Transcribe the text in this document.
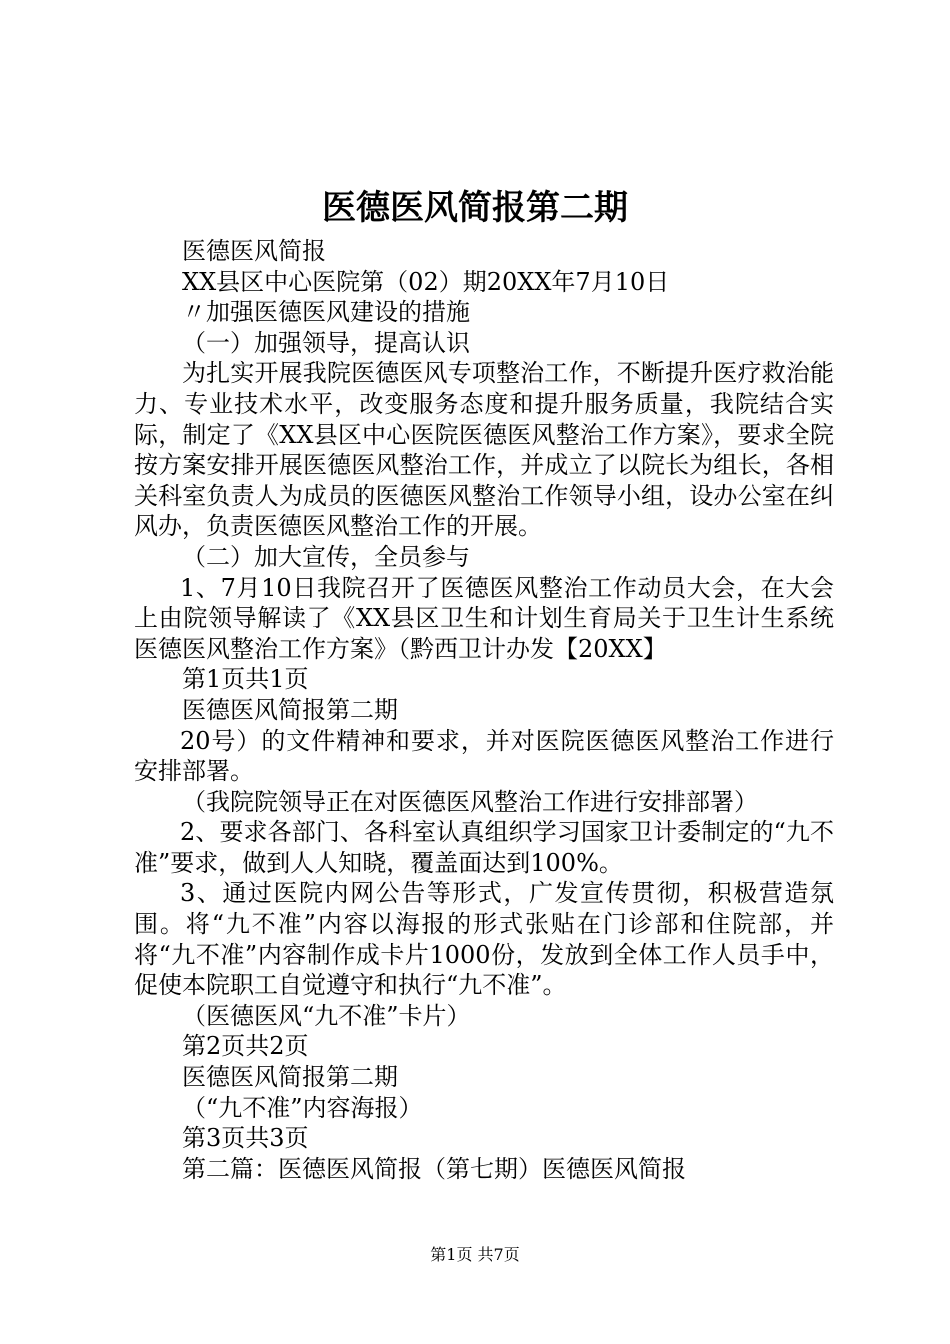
医德医风简报第二期

医德医风简报

XX县区中心医院第（02）期20XX年7月10日

〃加强医德医风建设的措施

（一）加强领导，提高认识

为扎实开展我院医德医风专项整治工作，不断提升医疗救治能力、专业技术水平，改变服务态度和提升服务质量，我院结合实际，制定了《XX县区中心医院医德医风整治工作方案》，要求全院按方案安排开展医德医风整治工作，并成立了以院长为组长，各相关科室负责人为成员的医德医风整治工作领导小组，设办公室在纠风办，负责医德医风整治工作的开展。

（二）加大宣传，全员参与

1、7月10日我院召开了医德医风整治工作动员大会，在大会上由院领导解读了《XX县区卫生和计划生育局关于卫生计生系统医德医风整治工作方案》（黔西卫计办发【20XX】

第1页共1页

医德医风简报第二期

20号）的文件精神和要求，并对医院医德医风整治工作进行安排部署。

（我院院领导正在对医德医风整治工作进行安排部署）

2、要求各部门、各科室认真组织学习国家卫计委制定的“九不准”要求，做到人人知晓，覆盖面达到100%。

3、通过医院内网公告等形式，广发宣传贯彻，积极营造氛围。将“九不准”内容以海报的形式张贴在门诊部和住院部，并将“九不准”内容制作成卡片1000份，发放到全体工作人员手中，促使本院职工自觉遵守和执行“九不准”。

（医德医风“九不准”卡片）

第2页共2页

医德医风简报第二期

（“九不准”内容海报）

第3页共3页

第二篇：医德医风简报（第七期）医德医风简报

第1页 共7页
